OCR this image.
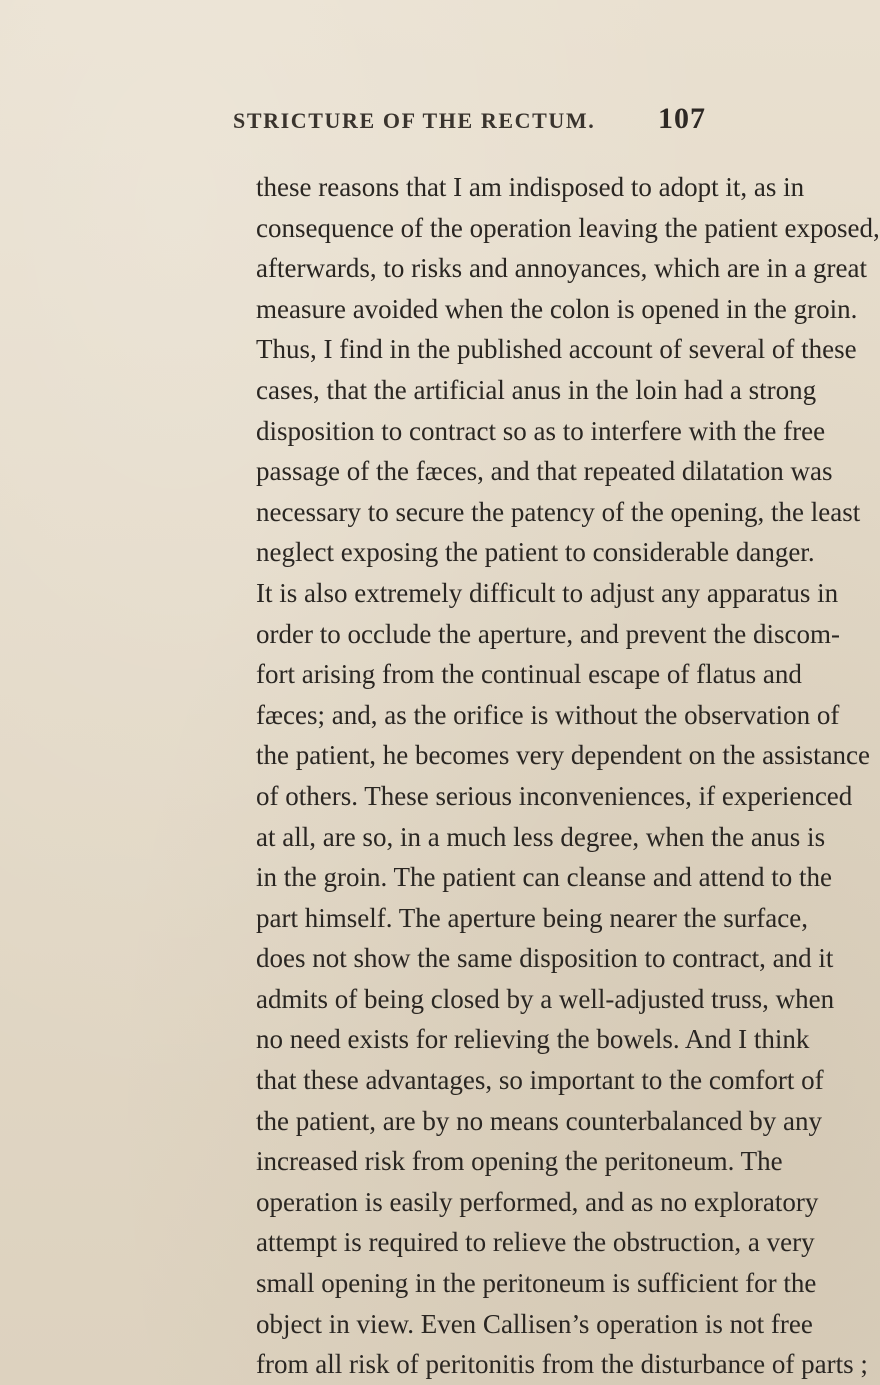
STRICTURE OF THE RECTUM. 107
these reasons that I am indisposed to adopt it, as in
consequence of the operation leaving the patient exposed,
afterwards, to risks and annoyances, which are in a great
measure avoided when the colon is opened in the groin.
Thus, I find in the published account of several of these
cases, that the artificial anus in the loin had a strong
disposition to contract so as to interfere with the free
passage of the fæces, and that repeated dilatation was
necessary to secure the patency of the opening, the least
neglect exposing the patient to considerable danger.
It is also extremely difficult to adjust any apparatus in
order to occlude the aperture, and prevent the discom-
fort arising from the continual escape of flatus and
fæces; and, as the orifice is without the observation of
the patient, he becomes very dependent on the assistance
of others. These serious inconveniences, if experienced
at all, are so, in a much less degree, when the anus is
in the groin. The patient can cleanse and attend to the
part himself. The aperture being nearer the surface,
does not show the same disposition to contract, and it
admits of being closed by a well-adjusted truss, when
no need exists for relieving the bowels. And I think
that these advantages, so important to the comfort of
the patient, are by no means counterbalanced by any
increased risk from opening the peritoneum. The
operation is easily performed, and as no exploratory
attempt is required to relieve the obstruction, a very
small opening in the peritoneum is sufficient for the
object in view. Even Callisen’s operation is not free
from all risk of peritonitis from the disturbance of parts ;
